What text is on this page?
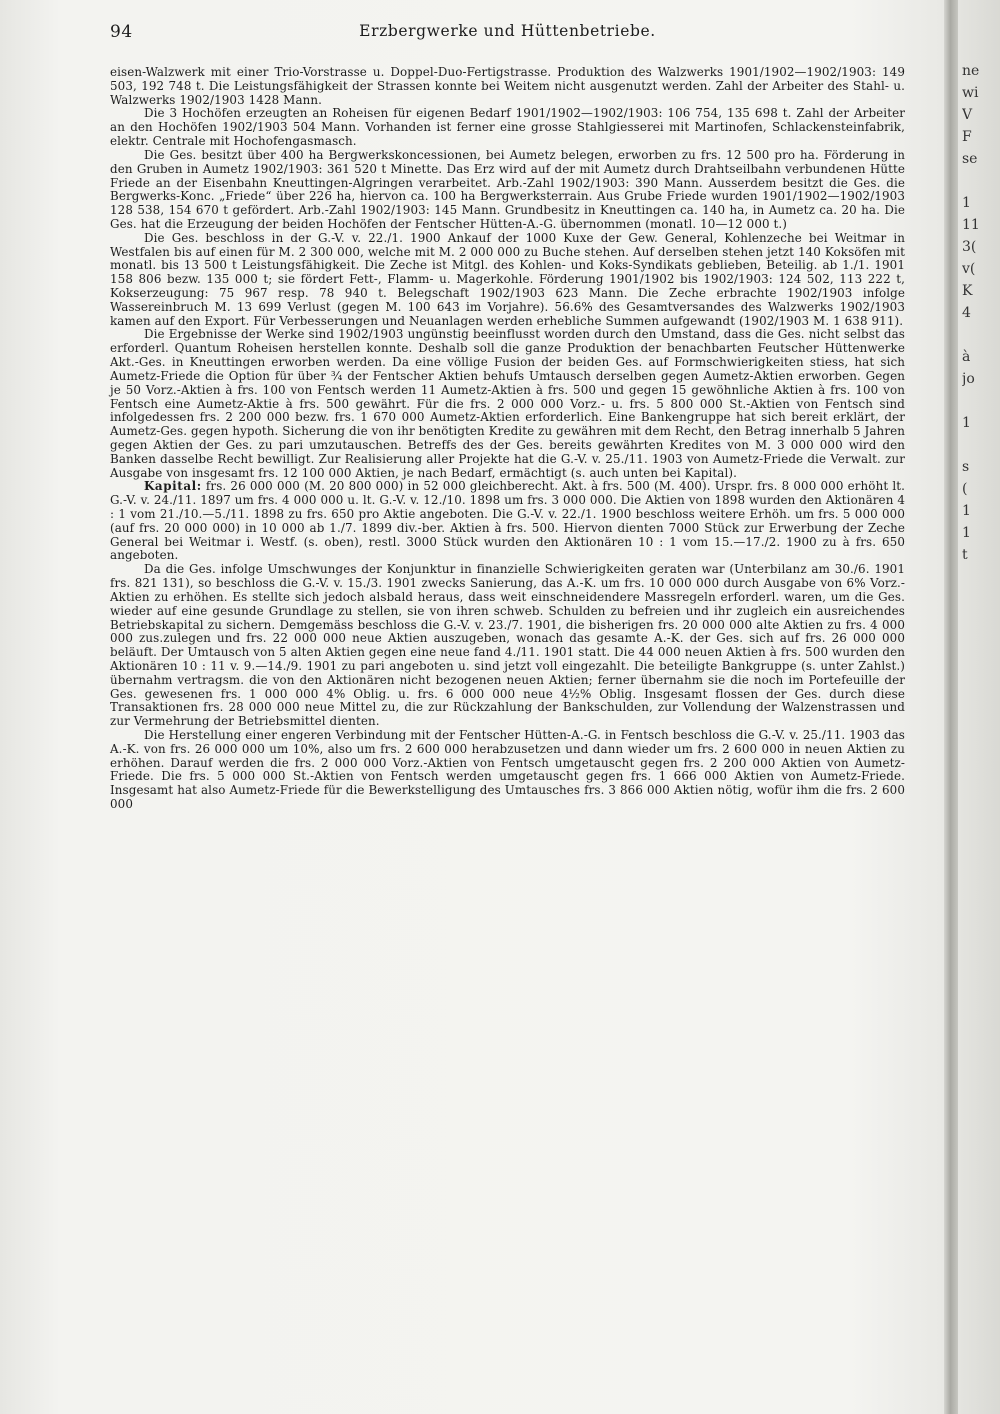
94	Erzbergwerke und Hüttenbetriebe.

eisen-Walzwerk mit einer Trio-Vorstrasse u. Doppel-Duo-Fertigstrasse. Produktion des Walzwerks 1901/1902—1902/1903: 149 503, 192 748 t. Die Leistungsfähigkeit der Strassen konnte bei Weitem nicht ausgenutzt werden. Zahl der Arbeiter des Stahl- u. Walzwerks 1902/1903 1428 Mann.

Die 3 Hochöfen erzeugten an Roheisen für eigenen Bedarf 1901/1902—1902/1903: 106 754, 135 698 t. Zahl der Arbeiter an den Hochöfen 1902/1903 504 Mann. Vorhanden ist ferner eine grosse Stahlgiesserei mit Martinofen, Schlackensteinfabrik, elektr. Centrale mit Hochofengasmasch.

Die Ges. besitzt über 400 ha Bergwerkskoncessionen, bei Aumetz belegen, erworben zu frs. 12 500 pro ha. Förderung in den Gruben in Aumetz 1902/1903: 361 520 t Minette. Das Erz wird auf der mit Aumetz durch Drahtseilbahn verbundenen Hütte Friede an der Eisenbahn Kneuttingen-Algringen verarbeitet. Arb.-Zahl 1902/1903: 390 Mann. Ausserdem besitzt die Ges. die Bergwerks-Konc. „Friede“ über 226 ha, hiervon ca. 100 ha Bergwerksterrain. Aus Grube Friede wurden 1901/1902—1902/1903 128 538, 154 670 t gefördert. Arb.-Zahl 1902/1903: 145 Mann. Grundbesitz in Kneuttingen ca. 140 ha, in Aumetz ca. 20 ha. Die Ges. hat die Erzeugung der beiden Hochöfen der Fentscher Hütten-A.-G. übernommen (monatl. 10—12 000 t.)

Die Ges. beschloss in der G.-V. v. 22./1. 1900 Ankauf der 1000 Kuxe der Gew. General, Kohlenzeche bei Weitmar in Westfalen bis auf einen für M. 2 300 000, welche mit M. 2 000 000 zu Buche stehen. Auf derselben stehen jetzt 140 Koksöfen mit monatl. bis 13 500 t Leistungsfähigkeit. Die Zeche ist Mitgl. des Kohlen- und Koks-Syndikats geblieben, Beteilig. ab 1./1. 1901 158 806 bezw. 135 000 t; sie fördert Fett-, Flamm- u. Magerkohle. Förderung 1901/1902 bis 1902/1903: 124 502, 113 222 t, Kokserzeugung: 75 967 resp. 78 940 t. Belegschaft 1902/1903 623 Mann. Die Zeche erbrachte 1902/1903 infolge Wassereinbruch M. 13 699 Verlust (gegen M. 100 643 im Vorjahre). 56.6% des Gesamtversandes des Walzwerks 1902/1903 kamen auf den Export. Für Verbesserungen und Neuanlagen werden erhebliche Summen aufgewandt (1902/1903 M. 1 638 911).

Die Ergebnisse der Werke sind 1902/1903 ungünstig beeinflusst worden durch den Umstand, dass die Ges. nicht selbst das erforderl. Quantum Roheisen herstellen konnte. Deshalb soll die ganze Produktion der benachbarten Feutscher Hüttenwerke Akt.-Ges. in Kneuttingen erworben werden. Da eine völlige Fusion der beiden Ges. auf Formschwierigkeiten stiess, hat sich Aumetz-Friede die Option für über ¾ der Fentscher Aktien behufs Umtausch derselben gegen Aumetz-Aktien erworben. Gegen je 50 Vorz.-Aktien à frs. 100 von Fentsch werden 11 Aumetz-Aktien à frs. 500 und gegen 15 gewöhnliche Aktien à frs. 100 von Fentsch eine Aumetz-Aktie à frs. 500 gewährt. Für die frs. 2 000 000 Vorz.- u. frs. 5 800 000 St.-Aktien von Fentsch sind infolgedessen frs. 2 200 000 bezw. frs. 1 670 000 Aumetz-Aktien erforderlich. Eine Bankengruppe hat sich bereit erklärt, der Aumetz-Ges. gegen hypoth. Sicherung die von ihr benötigten Kredite zu gewähren mit dem Recht, den Betrag innerhalb 5 Jahren gegen Aktien der Ges. zu pari umzutauschen. Betreffs des der Ges. bereits gewährten Kredites von M. 3 000 000 wird den Banken dasselbe Recht bewilligt. Zur Realisierung aller Projekte hat die G.-V. v. 25./11. 1903 von Aumetz-Friede die Verwalt. zur Ausgabe von insgesamt frs. 12 100 000 Aktien, je nach Bedarf, ermächtigt (s. auch unten bei Kapital).

Kapital: frs. 26 000 000 (M. 20 800 000) in 52 000 gleichberecht. Akt. à frs. 500 (M. 400). Urspr. frs. 8 000 000 erhöht lt. G.-V. v. 24./11. 1897 um frs. 4 000 000 u. lt. G.-V. v. 12./10. 1898 um frs. 3 000 000. Die Aktien von 1898 wurden den Aktionären 4 : 1 vom 21./10.—5./11. 1898 zu frs. 650 pro Aktie angeboten. Die G.-V. v. 22./1. 1900 beschloss weitere Erhöh. um frs. 5 000 000 (auf frs. 20 000 000) in 10 000 ab 1./7. 1899 div.-ber. Aktien à frs. 500. Hiervon dienten 7000 Stück zur Erwerbung der Zeche General bei Weitmar i. Westf. (s. oben), restl. 3000 Stück wurden den Aktionären 10 : 1 vom 15.—17./2. 1900 zu à frs. 650 angeboten.

Da die Ges. infolge Umschwunges der Konjunktur in finanzielle Schwierigkeiten geraten war (Unterbilanz am 30./6. 1901 frs. 821 131), so beschloss die G.-V. v. 15./3. 1901 zwecks Sanierung, das A.-K. um frs. 10 000 000 durch Ausgabe von 6% Vorz.-Aktien zu erhöhen. Es stellte sich jedoch alsbald heraus, dass weit einschneidendere Massregeln erforderl. waren, um die Ges. wieder auf eine gesunde Grundlage zu stellen, sie von ihren schweb. Schulden zu befreien und ihr zugleich ein ausreichendes Betriebskapital zu sichern. Demgemäss beschloss die G.-V. v. 23./7. 1901, die bisherigen frs. 20 000 000 alte Aktien zu frs. 4 000 000 zus.zulegen und frs. 22 000 000 neue Aktien auszugeben, wonach das gesamte A.-K. der Ges. sich auf frs. 26 000 000 beläuft. Der Umtausch von 5 alten Aktien gegen eine neue fand 4./11. 1901 statt. Die 44 000 neuen Aktien à frs. 500 wurden den Aktionären 10 : 11 v. 9.—14./9. 1901 zu pari angeboten u. sind jetzt voll eingezahlt. Die beteiligte Bankgruppe (s. unter Zahlst.) übernahm vertragsm. die von den Aktionären nicht bezogenen neuen Aktien; ferner übernahm sie die noch im Portefeuille der Ges. gewesenen frs. 1 000 000 4% Oblig. u. frs. 6 000 000 neue 4½% Oblig. Insgesamt flossen der Ges. durch diese Transaktionen frs. 28 000 000 neue Mittel zu, die zur Rückzahlung der Bankschulden, zur Vollendung der Walzenstrassen und zur Vermehrung der Betriebsmittel dienten.

Die Herstellung einer engeren Verbindung mit der Fentscher Hütten-A.-G. in Fentsch beschloss die G.-V. v. 25./11. 1903 das A.-K. von frs. 26 000 000 um 10%, also um frs. 2 600 000 herabzusetzen und dann wieder um frs. 2 600 000 in neuen Aktien zu erhöhen. Darauf werden die frs. 2 000 000 Vorz.-Aktien von Fentsch umgetauscht gegen frs. 2 200 000 Aktien von Aumetz-Friede. Die frs. 5 000 000 St.-Aktien von Fentsch werden umgetauscht gegen frs. 1 666 000 Aktien von Aumetz-Friede. Insgesamt hat also Aumetz-Friede für die Bewerkstelligung des Umtausches frs. 3 866 000 Aktien nötig, wofür ihm die frs. 2 600 000

ne
wi
V
F
se

1
11
3(
v(
K
4

à
jo

1

s
(
1
1
t
